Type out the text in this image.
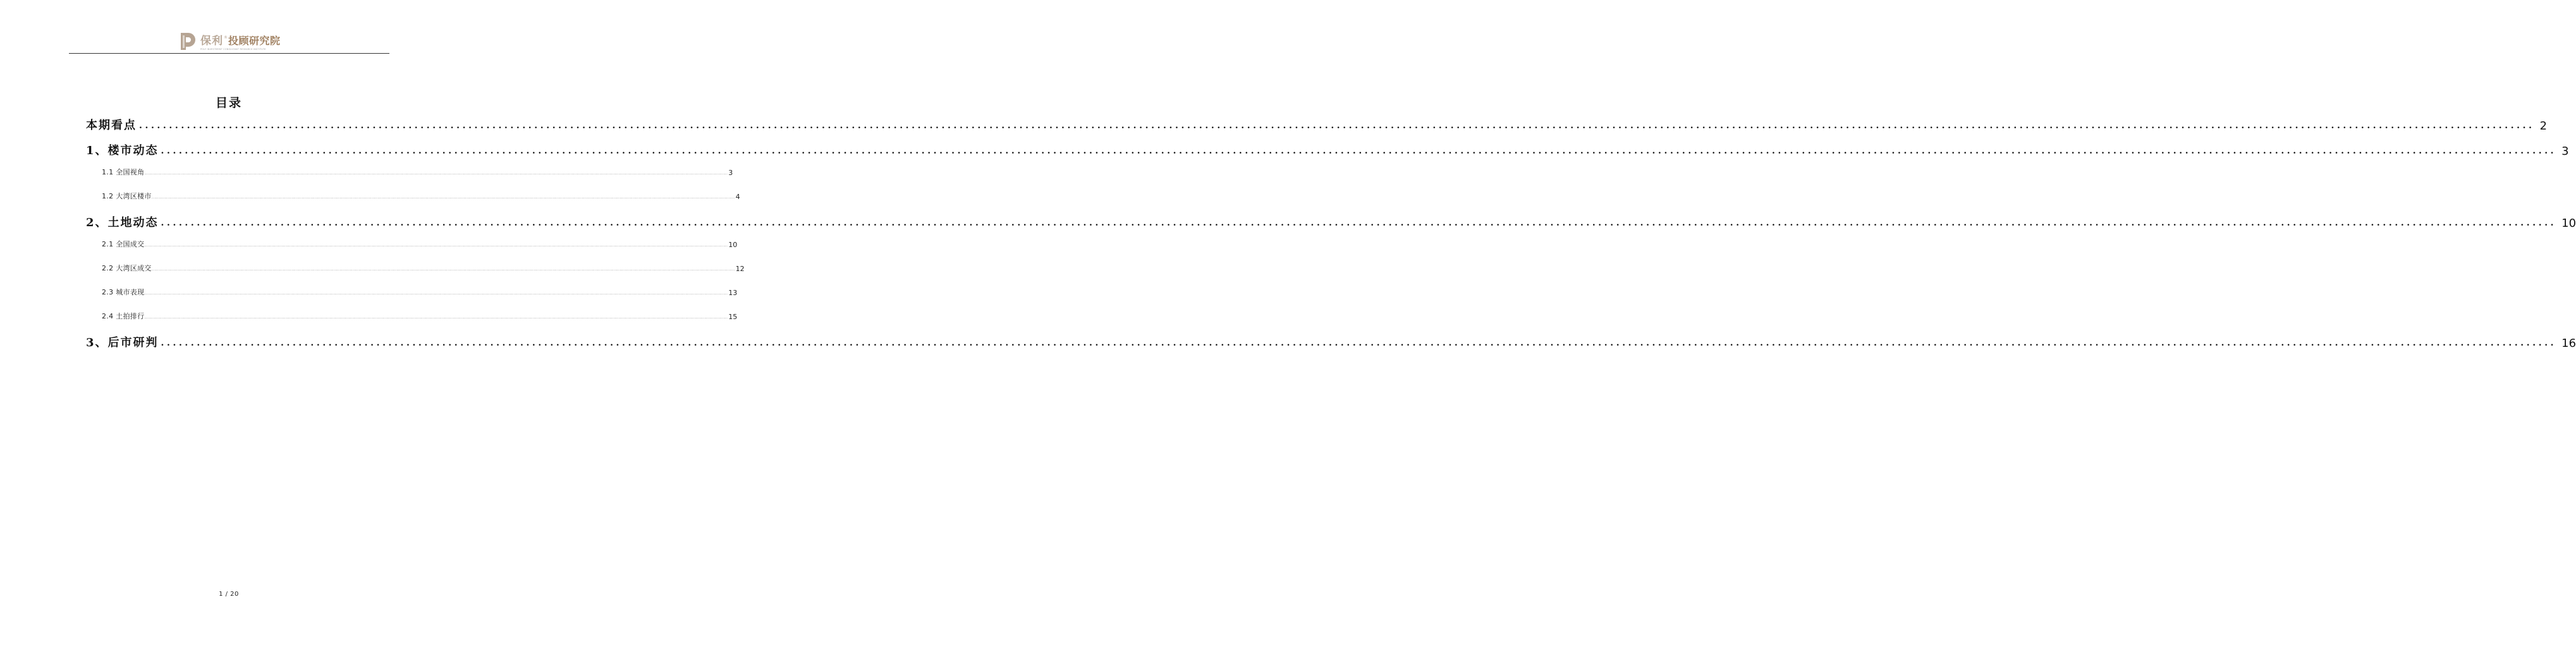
保利 ® 投顾研究院
POLY INVESTMENT CONSULTANT RESEARCH INSTITUTE
目录
本期看点 ................................................................................................................................................................................................................................................................................................................................................................................................................ 2
1、楼市动态 ................................................................................................................................................................................................................................................................................................................................................................................................................ 3
1.1 全国视角 ................................................................................................................................................................................................................................................................................................................................................................................................................ 3
1.2 大湾区楼市 ................................................................................................................................................................................................................................................................................................................................................................................................................ 4
2、土地动态 ................................................................................................................................................................................................................................................................................................................................................................................................................ 10
2.1 全国成交 ................................................................................................................................................................................................................................................................................................................................................................................................................ 10
2.2 大湾区成交 ................................................................................................................................................................................................................................................................................................................................................................................................................ 12
2.3 城市表现 ................................................................................................................................................................................................................................................................................................................................................................................................................ 13
2.4 土拍排行 ................................................................................................................................................................................................................................................................................................................................................................................................................ 15
3、后市研判 ................................................................................................................................................................................................................................................................................................................................................................................................................ 16
1 / 20
